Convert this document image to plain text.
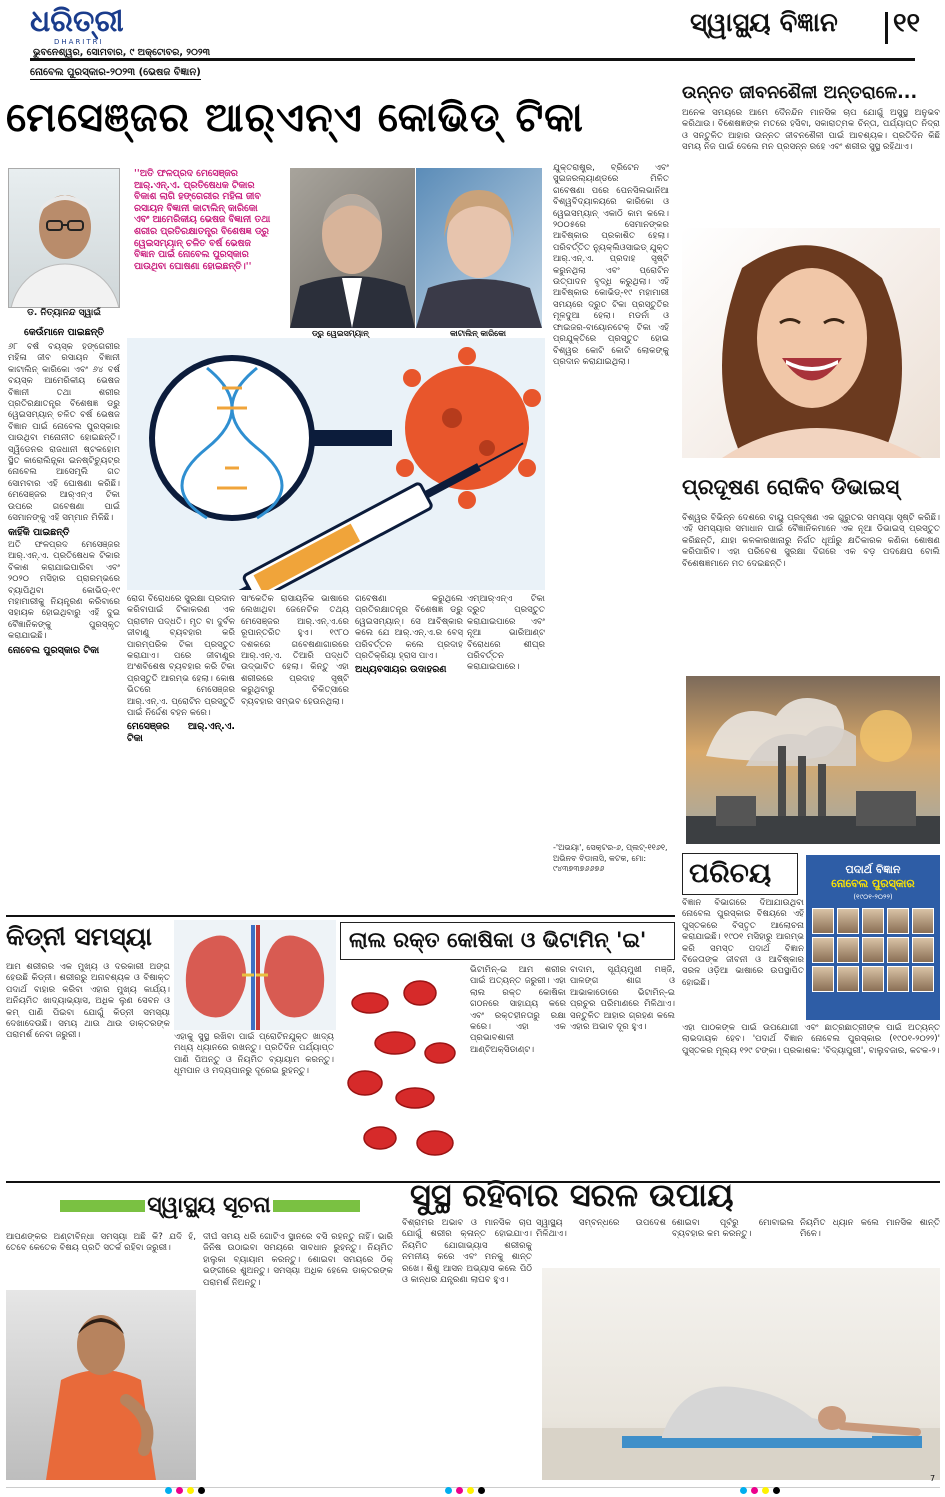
ଧରିତ୍ରୀ
DHARITRI
ସ୍ୱାସ୍ଥ୍ୟ ବିଜ୍ଞାନ ୧୧
ଭୁବନେଶ୍ୱର, ସୋମବାର, ୯ ଅକ୍ଟୋବର, ୨୦୨୩
ନୋବେଲ ପୁରସ୍କାର-୨୦୨୩ (ଭେଷଜ ବିଜ୍ଞାନ)
ମେସେଞ୍ଜର ଆର୍‌ଏନ୍‌ଏ କୋଭିଡ୍ ଟିକା
ଡ. ନିତ୍ୟାନନ୍ଦ ସ୍ୱାଇଁ
କେଉଁମାନେ ପାଇଛନ୍ତି

୬୮ ବର୍ଷ ବୟସ୍କ ହଙ୍ଗେରୀର ମହିଳା ଜୀବ ରସାୟନ ବିଜ୍ଞାନୀ କାଟାଲିନ୍ କାରିକୋ ଏବଂ ୬୪ ବର୍ଷ ବୟସ୍କ ଆମେରିକୀୟ ଭେଷଜ ବିଜ୍ଞାନୀ ତଥା ଶରୀର ପ୍ରତିରକ୍ଷାତନ୍ତ୍ର ବିଶେଷଜ୍ଞ ଡ୍ରୁ ୱେଇସମ୍ୟାନ୍ ଚଳିତ ବର୍ଷ ଭେଷଜ ବିଜ୍ଞାନ ପାଇଁ ନୋବେଲ ପୁରସ୍କାର ପାଉଥିବା ମନୋନୀତ ହୋଇଛନ୍ତି। ସ୍ୱିଡେନର ରାଜଧାନୀ ଷ୍ଟକହୋମ ସ୍ଥିତ କାରୋଲିନ୍ସ୍କା ଇନଷ୍ଟିଚ୍ୟୁଟ୍ର ନୋବେଲ ଆସେମ୍ବ୍ଲି ଗତ ସୋମବାର ଏହି ଘୋଷଣା କରିଛି। ମେସେଞ୍ଜର ଆର୍‌ଏନ୍‌ଏ ଟିକା ଉପରେ ଗବେଷଣା ପାଇଁ ସେମାନଙ୍କୁ ଏହି ସମ୍ମାନ ମିଳିଛି।

କାହିଁକି ପାଇଛନ୍ତି

ଅତି ଫଳପ୍ରଦ ମେସେଞ୍ଜର ଆର୍‌.ଏନ୍‌.ଏ. ପ୍ରତିଷେଧକ ଟିକାର ବିକାଶ କରାଯାଇପାରିବା ଏବଂ ୨୦୨୦ ମସିହାର ପ୍ରାରମ୍ଭରେ ବ୍ୟାପିଥିବା କୋଭିଡ୍-୧୯ ମହାମାରୀକୁ ନିୟନ୍ତ୍ରଣ କରିବାରେ ସହାୟକ ହୋଇଥିବାରୁ ଏହି ଦୁଇ ବୈଜ୍ଞାନିକଙ୍କୁ ପୁରସ୍କୃତ କରାଯାଇଛି।

ନୋବେଲ ପୁରସ୍କାର ଟିକା

''ଅତି ଫଳପ୍ରଦ ମେସେଞ୍ଜର ଆର୍‌.ଏନ୍‌.ଏ. ପ୍ରତିଷେଧକ ଟିକାର ବିକାଶ ଲାଗି ହଙ୍ଗେରୀର ମହିଳା ଜୀବ ରସାୟନ ବିଜ୍ଞାନୀ କାଟାଲିନ୍ କାରିକୋ ଏବଂ ଆମେରିକୀୟ ଭେଷଜ ବିଜ୍ଞାନୀ ତଥା ଶରୀର ପ୍ରତିରକ୍ଷାତନ୍ତ୍ର ବିଶେଷଜ୍ଞ ଡ୍ରୁ ୱେଇସମ୍ୟାନ୍ ଚଳିତ ବର୍ଷ ଭେଷଜ ବିଜ୍ଞାନ ପାଇଁ ନୋବେଲ ପୁରସ୍କାର ପାଉଥିବା ଘୋଷଣା ହୋଇଛନ୍ତି।''
ଡ୍ରୁ ୱେଇସମ୍ୟାନ୍	କାଟାଲିନ୍ କାରିକୋ

ରୋଗ ବିରୋଧରେ ସୁରକ୍ଷା ପ୍ରଦାନ କରିବାପାଇଁ ଟିକାକରଣ ଏକ ପ୍ରାଚୀନ ପଦ୍ଧତି। ମୃତ ବା ଦୁର୍ବଳ ଜୀବାଣୁ ବ୍ୟବହାର କରି ପାରମ୍ପରିକ ଟିକା ପ୍ରସ୍ତୁତ କରାଯାଏ। ପରେ ଜୀବାଣୁର ଅଂଶବିଶେଷ ବ୍ୟବହାର କରି ଟିକା ପ୍ରସ୍ତୁତି ଆରମ୍ଭ ହେଲା। କୋଷ ଭିତରେ ମେସେଞ୍ଜର ଆର୍‌.ଏନ୍‌.ଏ. ପ୍ରୋଟିନ ପ୍ରସ୍ତୁତି ପାଇଁ ନିର୍ଦ୍ଦେଶ ବହନ କରେ।

ମେସେଞ୍ଜର ଆର୍‌.ଏନ୍‌.ଏ. ଟିକା

ସାଂକେତିକ ରାସାୟନିକ ଭାଷାରେ ଲେଖାଥିବା ଜେନେଟିକ ତଥ୍ୟ ମେସେଞ୍ଜର ଆର୍‌.ଏନ୍‌.ଏ.ରେ ରୂପାନ୍ତରିତ ହୁଏ। ୧୯୮୦ ଦଶକରେ ଗବେଷଣାଗାରରେ ଆର୍‌.ଏନ୍‌.ଏ. ତିଆରି ପଦ୍ଧତି ଉଦ୍ଭାବିତ ହେଲା। କିନ୍ତୁ ଏହା ଶରୀରରେ ପ୍ରଦାହ ସୃଷ୍ଟି କରୁଥିବାରୁ ଚିକିତ୍ସାରେ ବ୍ୟବହାର ସମ୍ଭବ ହେଉନଥିଲା।

ଗବେଷଣା କରୁଥିଲେ ପ୍ରତିରକ୍ଷାତନ୍ତ୍ର ବିଶେଷଜ୍ଞ ଡ୍ରୁ ୱେଇସମ୍ୟାନ୍। ସେ ଆବିଷ୍କାର କଲେ ଯେ ଆର୍‌.ଏନ୍‌.ଏ.ର ବେସ୍ ପରିବର୍ତ୍ତନ କଲେ ପ୍ରଦାହ ପ୍ରତିକ୍ରିୟା ହ୍ରାସ ପାଏ।

ଅଧ୍ୟବସାୟର ଉଦାହରଣ

ଏମ୍‌ଆର୍‌ଏନ୍‌ଏ ଟିକା ଦ୍ରୁତ ପ୍ରସ୍ତୁତ କରାଯାଇପାରେ ଏବଂ ନୂଆ ଭାରିଆଣ୍ଟ ବିରୋଧରେ ଶୀଘ୍ର ପରିବର୍ତ୍ତନ କରାଯାଇପାରେ।

ଯୁକ୍ତରାଷ୍ଟ୍ର, ବ୍ରିଟେନ ଏବଂ ସୁଇଜରଲ୍ୟାଣ୍ଡରେ ମିଳିତ ଗବେଷଣା ପରେ ପେନସିଲଭାନିଆ ବିଶ୍ୱବିଦ୍ୟାଳୟରେ କାରିକୋ ଓ ୱେଇସମ୍ୟାନ୍ ଏକାଠି କାମ କଲେ। ୨୦୦୫ରେ ସେମାନଙ୍କର ଆବିଷ୍କାର ପ୍ରକାଶିତ ହେଲା। ପରିବର୍ତ୍ତିତ ନ୍ୟୁକ୍ଲିଓସାଇଡ୍ ଯୁକ୍ତ ଆର୍‌.ଏନ୍‌.ଏ. ପ୍ରଦାହ ସୃଷ୍ଟି କରୁନଥିଲା ଏବଂ ପ୍ରୋଟିନ ଉତ୍ପାଦନ ବୃଦ୍ଧି କରୁଥିଲା। ଏହି ଆବିଷ୍କାର କୋଭିଡ୍-୧୯ ମହାମାରୀ ସମୟରେ ଦ୍ରୁତ ଟିକା ପ୍ରସ୍ତୁତିର ମୂଳଦୁଆ ହେଲା। ମଡର୍ନା ଓ ଫାଇଜର-ବାୟୋନଟେକ୍ ଟିକା ଏହି ପ୍ରଯୁକ୍ତିରେ ପ୍ରସ୍ତୁତ ହୋଇ ବିଶ୍ୱର କୋଟି କୋଟି ଲୋକଙ୍କୁ ପ୍ରଦାନ କରାଯାଇଥିଲା।

-'ଅଭୟା', ସେକ୍ଟର-୬, ପ୍ଲଟ୍-୧୧୬୧, ଅଭିନବ ବିଡାନାସି, କଟକ, ମୋ: ୯୪୩୭୩୭୬୬୭୬
ଉନ୍ନତ ଜୀବନଶୈଳୀ ଅନ୍ତରାଳେ...
ଅନେକ ସମୟରେ ଆମେ ଦୈନନ୍ଦିନ ମାନସିକ ଚାପ ଯୋଗୁଁ ଅସୁସ୍ଥ ଅନୁଭବ କରିଥାଉ। ବିଶେଷଜ୍ଞଙ୍କ ମତରେ ହସିବା, ସକାରାତ୍ମକ ଚିନ୍ତା, ପର୍ଯ୍ୟାପ୍ତ ନିଦ୍ରା ଓ ସନ୍ତୁଳିତ ଆହାର ଉନ୍ନତ ଜୀବନଶୈଳୀ ପାଇଁ ଆବଶ୍ୟକ। ପ୍ରତିଦିନ କିଛି ସମୟ ନିଜ ପାଇଁ ଦେଲେ ମନ ପ୍ରସନ୍ନ ରହେ ଏବଂ ଶରୀର ସୁସ୍ଥ ରହିଥାଏ।
ପ୍ରଦୂଷଣ ରୋକିବ ଡିଭାଇସ୍
ବିଶ୍ୱର ବିଭିନ୍ନ ଦେଶରେ ବାୟୁ ପ୍ରଦୂଷଣ ଏକ ଗୁରୁତର ସମସ୍ୟା ସୃଷ୍ଟି କରିଛି। ଏହି ସମସ୍ୟାର ସମାଧାନ ପାଇଁ ବୈଜ୍ଞାନିକମାନେ ଏକ ନୂଆ ଡିଭାଇସ୍ ପ୍ରସ୍ତୁତ କରିଛନ୍ତି, ଯାହା କଳକାରଖାନାରୁ ନିର୍ଗତ ଧୂଆଁରୁ କ୍ଷତିକାରକ କଣିକା ଶୋଷଣ କରିପାରିବ। ଏହା ପରିବେଶ ସୁରକ୍ଷା ଦିଗରେ ଏକ ବଡ଼ ପଦକ୍ଷେପ ବୋଲି ବିଶେଷଜ୍ଞମାନେ ମତ ଦେଇଛନ୍ତି।
ପରିଚୟ
ବିଜ୍ଞାନ ବିଭାଗରେ ଦିଆଯାଉଥିବା ନୋବେଲ ପୁରସ୍କାର ବିଷୟରେ ଏହି ପୁସ୍ତକରେ ବିସ୍ତୃତ ଆଲୋଚନା କରାଯାଇଛି। ୧୯୦୧ ମସିହାରୁ ଆରମ୍ଭ କରି ସମସ୍ତ ପଦାର୍ଥ ବିଜ୍ଞାନ ବିଜେତାଙ୍କ ଜୀବନୀ ଓ ଆବିଷ୍କାର ସରଳ ଓଡ଼ିଆ ଭାଷାରେ ଉପସ୍ଥାପିତ ହୋଇଛି।
ପଦାର୍ଥ ବିଜ୍ଞାନ
ନୋବେଲ ପୁରସ୍କାର
(୧୯୦୧-୨୦୨୨)
ଏହା ପାଠକଙ୍କ ପାଇଁ ଉପଯୋଗୀ ଏବଂ ଛାତ୍ରଛାତ୍ରୀଙ୍କ ପାଇଁ ଅତ୍ୟନ୍ତ ଲାଭଦାୟକ ହେବ। 'ପଦାର୍ଥ ବିଜ୍ଞାନ ନୋବେଲ ପୁରସ୍କାର (୧୯୦୧-୨୦୨୨)' ପୁସ୍ତକର ମୂଲ୍ୟ ୧୨୯ ଟଙ୍କା। ପ୍ରକାଶକ: 'ବିଦ୍ୟାପୁରୀ', ବାଲୁବଜାର, କଟକ-୨।
କିଡ୍‌ନୀ ସମସ୍ୟା
ଆମ ଶରୀରର ଏକ ମୁଖ୍ୟ ଓ ଦରକାରୀ ଅଙ୍ଗ ହେଉଛି କିଡ୍‌ନୀ। ଶରୀରରୁ ଅନାବଶ୍ୟକ ଓ ବିଷାକ୍ତ ପଦାର୍ଥ ବାହାର କରିବା ଏହାର ମୁଖ୍ୟ କାର୍ଯ୍ୟ। ଅନିୟମିତ ଖାଦ୍ୟାଭ୍ୟାସ, ଅଧିକ ଲୁଣ ସେବନ ଓ କମ୍ ପାଣି ପିଇବା ଯୋଗୁଁ କିଡ୍‌ନୀ ସମସ୍ୟା ଦେଖାଦେଉଛି। ସମୟ ଥାଉ ଥାଉ ଡାକ୍ତରଙ୍କ ପରାମର୍ଶ ନେବା ଜରୁରୀ।	ଏହାକୁ ସୁସ୍ଥ ରଖିବା ପାଇଁ ପ୍ରୋଟିନଯୁକ୍ତ ଖାଦ୍ୟ ମଧ୍ୟ ଧ୍ୟାନରେ ରଖନ୍ତୁ। ପ୍ରତିଦିନ ପର୍ଯ୍ୟାପ୍ତ ପାଣି ପିଅନ୍ତୁ ଓ ନିୟମିତ ବ୍ୟାୟାମ କରନ୍ତୁ। ଧୂମପାନ ଓ ମଦ୍ୟପାନରୁ ଦୂରେଇ ରୁହନ୍ତୁ।
ଲାଲ ରକ୍ତ କୋଷିକା ଓ ଭିଟାମିନ୍ 'ଇ'
ଭିଟାମିନ୍-ଇ ଆମ ଶରୀର ପାଇଁ ଅତ୍ୟନ୍ତ ଜରୁରୀ। ଏହା ଲାଲ ରକ୍ତ କୋଷିକା ଗଠନରେ ସାହାଯ୍ୟ କରେ ଏବଂ ରକ୍ତହୀନତାରୁ ରକ୍ଷା କରେ। ଏହା ଏକ ପ୍ରଭାବଶାଳୀ ଆଣ୍ଟିଅକ୍ସିଡାଣ୍ଟ।
ବାଦାମ, ସୂର୍ଯ୍ୟମୁଖୀ ମଞ୍ଜି, ପାଳଙ୍ଗ ଶାଗ ଓ ଆଭାକାଡୋରେ ଭିଟାମିନ୍-ଇ ପ୍ରଚୁର ପରିମାଣରେ ମିଳିଥାଏ। ସନ୍ତୁଳିତ ଆହାର ଗ୍ରହଣ କଲେ ଏହାର ଅଭାବ ଦୂର ହୁଏ।
ସ୍ୱାସ୍ଥ୍ୟ ସୂଚନା
ଆପଣଙ୍କର ଅଣ୍ଟାବିନ୍ଧା ସମସ୍ୟା ଅଛି କି? ଯଦି ହଁ, ତେବେ କେତେକ ବିଷୟ ପ୍ରତି ସତର୍କ ରହିବା ଜରୁରୀ।
ଦୀର୍ଘ ସମୟ ଧରି ଗୋଟିଏ ସ୍ଥାନରେ ବସି ରହନ୍ତୁ ନାହିଁ। ଭାରି ଜିନିଷ ଉଠାଇବା ସମୟରେ ସାବଧାନ ରୁହନ୍ତୁ। ନିୟମିତ ହାଲୁକା ବ୍ୟାୟାମ କରନ୍ତୁ। ଶୋଇବା ସମୟରେ ଠିକ୍ ଭଙ୍ଗୀରେ ଶୁଅନ୍ତୁ। ସମସ୍ୟା ଅଧିକ ହେଲେ ଡାକ୍ତରଙ୍କ ପରାମର୍ଶ ନିଅନ୍ତୁ।
ସୁସ୍ଥ ରହିବାର ସରଳ ଉପାୟ
ବିଶ୍ରାମର ଅଭାବ ଓ ମାନସିକ ଚାପ ଯୋଗୁଁ ଶରୀର କ୍ଳାନ୍ତ ହୋଇଯାଏ। ନିୟମିତ ଯୋଗାଭ୍ୟାସ ଶରୀରକୁ ନମନୀୟ କରେ ଏବଂ ମନକୁ ଶାନ୍ତ ରଖେ। ଶିଶୁ ଆସନ ଅଭ୍ୟାସ କଲେ ପିଠି ଓ କାନ୍ଧର ଯନ୍ତ୍ରଣା ଲାଘବ ହୁଏ।
ସ୍ୱାସ୍ଥ୍ୟ ସମ୍ବନ୍ଧରେ ଉପଦେଶ ମିଳିଥାଏ।
ଶୋଇବା ପୂର୍ବରୁ ମୋବାଇଲ ବ୍ୟବହାର କମ କରନ୍ତୁ।
ନିୟମିତ ଧ୍ୟାନ କଲେ ମାନସିକ ଶାନ୍ତି ମିଳେ।
7
